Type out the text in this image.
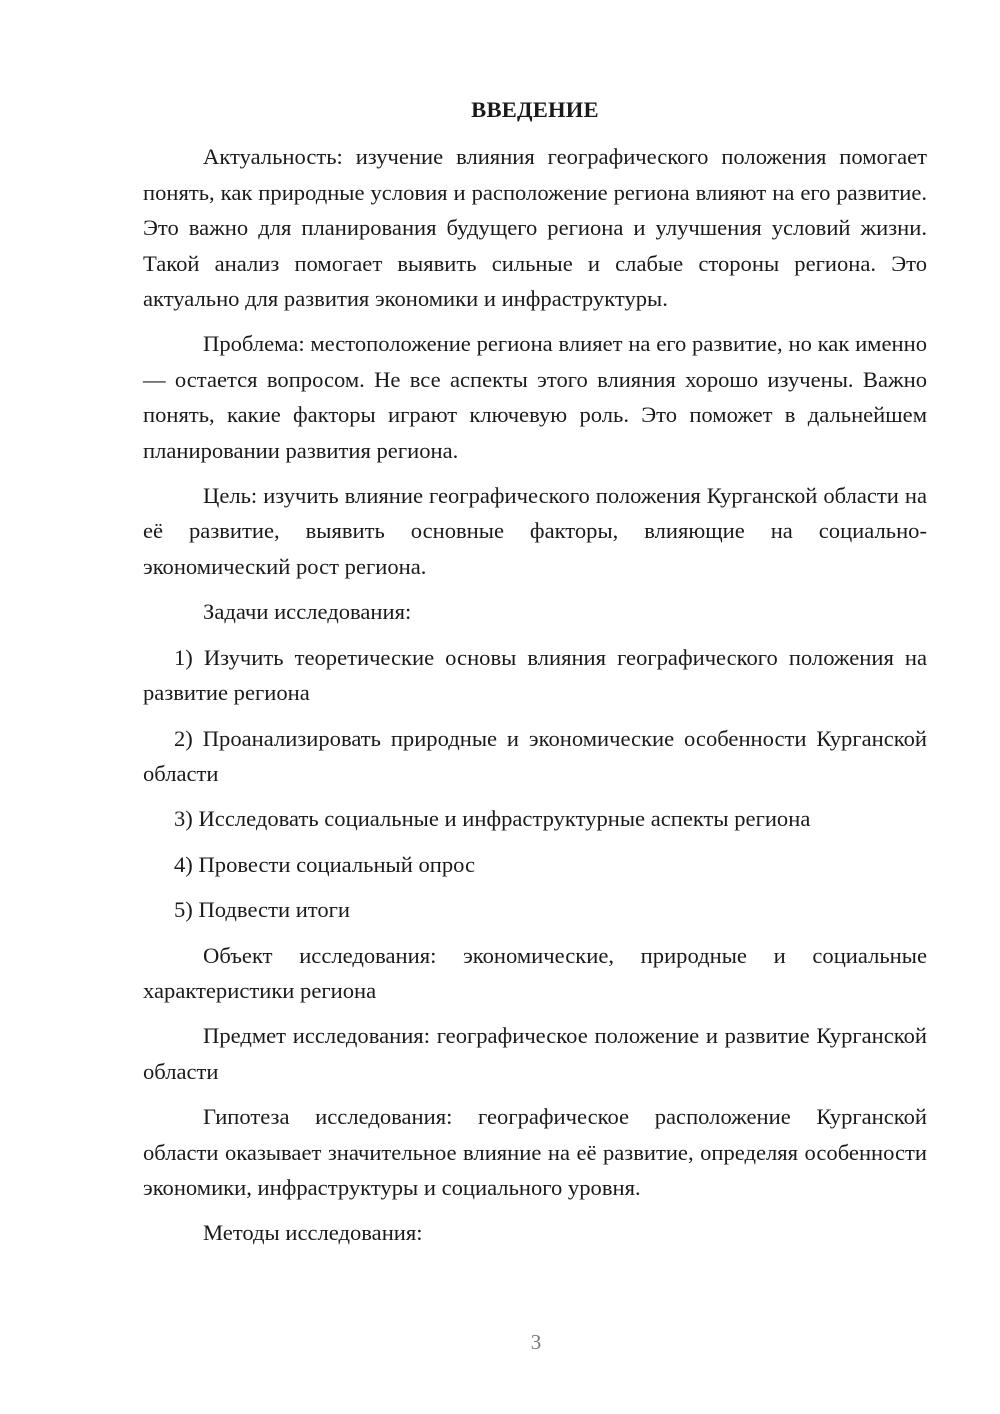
ВВЕДЕНИЕ
Актуальность: изучение влияния географического положения помогает понять, как природные условия и расположение региона влияют на его развитие. Это важно для планирования будущего региона и улучшения условий жизни. Такой анализ помогает выявить сильные и слабые стороны региона. Это актуально для развития экономики и инфраструктуры.
Проблема: местоположение региона влияет на его развитие, но как именно — остается вопросом. Не все аспекты этого влияния хорошо изучены. Важно понять, какие факторы играют ключевую роль. Это поможет в дальнейшем планировании развития региона.
Цель: изучить влияние географического положения Курганской области на её развитие, выявить основные факторы, влияющие на социально-экономический рост региона.
Задачи исследования:
1) Изучить теоретические основы влияния географического положения на развитие региона
2) Проанализировать природные и экономические особенности Курганской области
3) Исследовать социальные и инфраструктурные аспекты региона
4) Провести социальный опрос
5) Подвести итоги
Объект исследования: экономические, природные и социальные характеристики региона
Предмет исследования: географическое положение и развитие Курганской области
Гипотеза исследования: географическое расположение Курганской области оказывает значительное влияние на её развитие, определяя особенности экономики, инфраструктуры и социального уровня.
Методы исследования:
3
